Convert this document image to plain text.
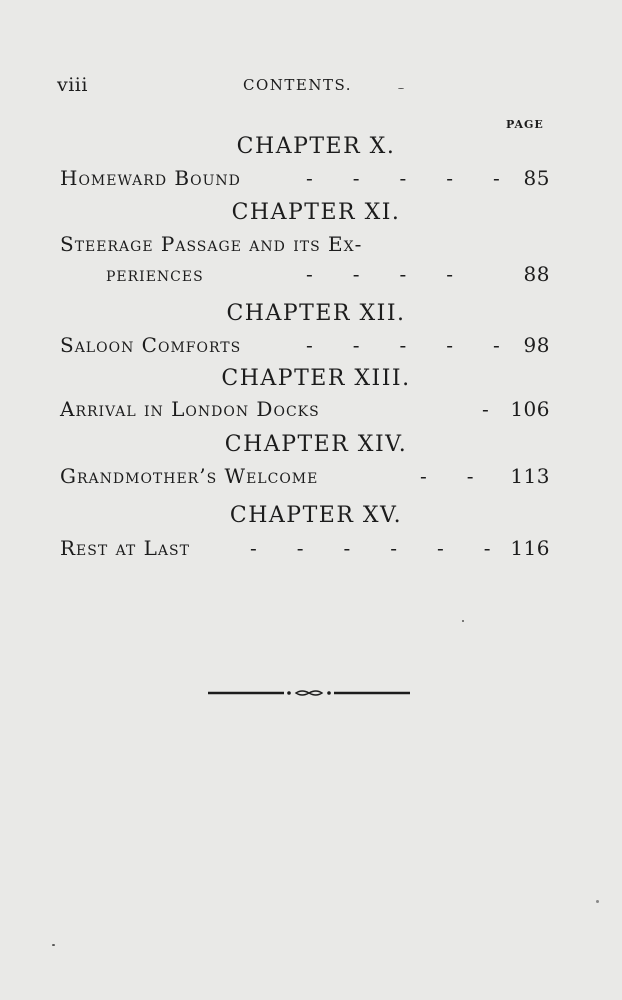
viii	CONTENTS.
PAGE
CHAPTER X.
Homeward Bound	-  -  -  -  - 85
CHAPTER XI.
Steerage Passage and its Ex-
periences	-  -  -  -	88
CHAPTER XII.
Saloon Comforts	-  -  -  -  - 98
CHAPTER XIII.
Arrival in London Docks	- 106
CHAPTER XIV.
Grandmother’s Welcome	-  - 113
CHAPTER XV.
Rest at Last	-  -  -  -  -  - 116
